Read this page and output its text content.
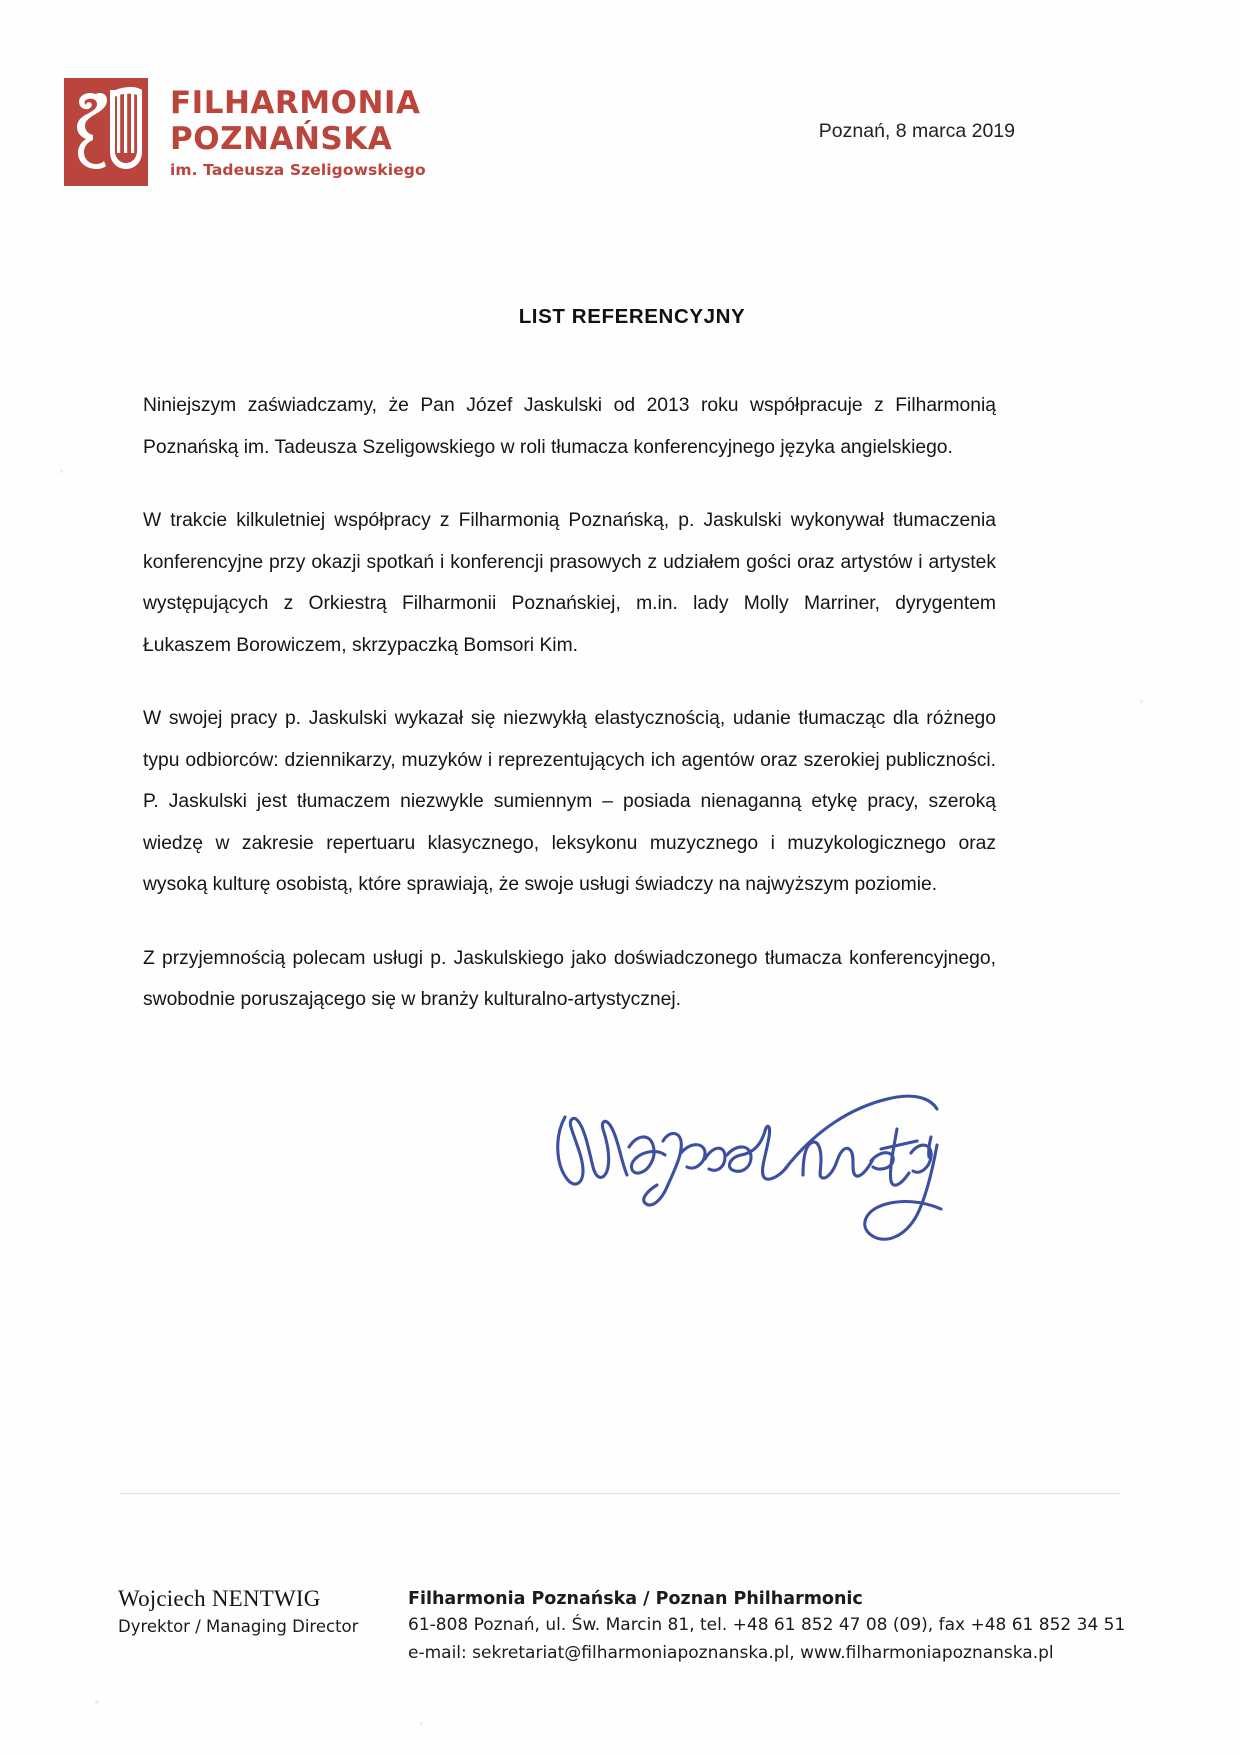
FILHARMONIA
POZNAŃSKA
im. Tadeusza Szeligowskiego
Poznań, 8 marca 2019
LIST REFERENCYJNY

Niniejszym zaświadczamy, że Pan Józef Jaskulski od 2013 roku współpracuje z Filharmonią Poznańską im. Tadeusza Szeligowskiego w roli tłumacza konferencyjnego języka angielskiego.

W trakcie kilkuletniej współpracy z Filharmonią Poznańską, p. Jaskulski wykonywał tłumaczenia konferencyjne przy okazji spotkań i konferencji prasowych z udziałem gości oraz artystów i artystek występujących z Orkiestrą Filharmonii Poznańskiej, m.in. lady Molly Marriner, dyrygentem Łukaszem Borowiczem, skrzypaczką Bomsori Kim.

W swojej pracy p. Jaskulski wykazał się niezwykłą elastycznością, udanie tłumacząc dla różnego typu odbiorców: dziennikarzy, muzyków i reprezentujących ich agentów oraz szerokiej publiczności. P. Jaskulski jest tłumaczem niezwykle sumiennym – posiada nienaganną etykę pracy, szeroką wiedzę w zakresie repertuaru klasycznego, leksykonu muzycznego i muzykologicznego oraz wysoką kulturę osobistą, które sprawiają, że swoje usługi świadczy na najwyższym poziomie.

Z przyjemnością polecam usługi p. Jaskulskiego jako doświadczonego tłumacza konferencyjnego, swobodnie poruszającego się w branży kulturalno-artystycznej.

Wojciech NENTWIG
Dyrektor / Managing Director
Filharmonia Poznańska / Poznan Philharmonic
61-808 Poznań, ul. Św. Marcin 81, tel. +48 61 852 47 08 (09), fax +48 61 852 34 51
e-mail: sekretariat@filharmoniapoznanska.pl, www.filharmoniapoznanska.pl
